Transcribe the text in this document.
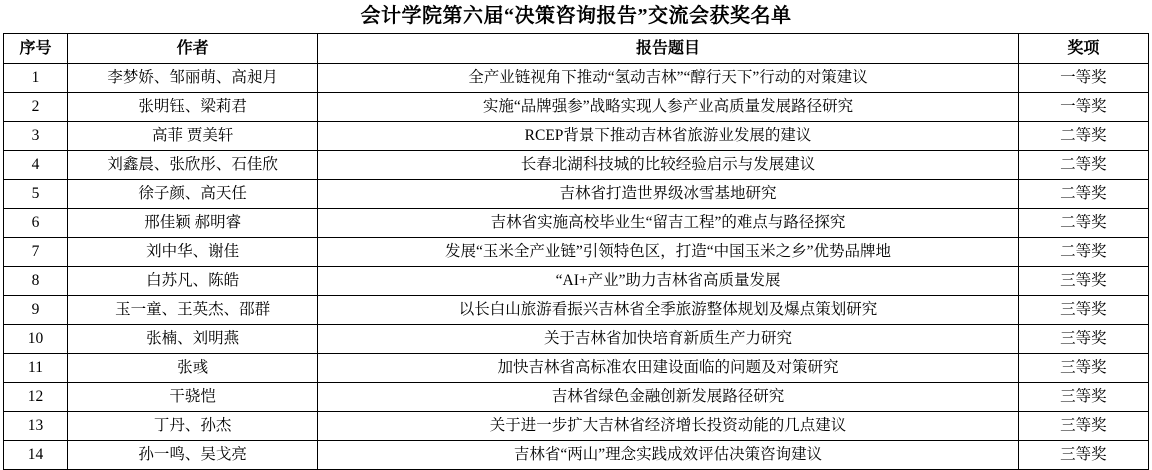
会计学院第六届“决策咨询报告”交流会获奖名单
序号	作者	报告题目	奖项
1	李梦娇、邹丽萌、高昶月	全产业链视角下推动“氢动吉林”“醇行天下”行动的对策建议	一等奖
2	张明钰、梁莉君	实施“品牌强参”战略实现人参产业高质量发展路径研究	一等奖
3	高菲 贾美轩	RCEP背景下推动吉林省旅游业发展的建议	二等奖
4	刘鑫晨、张欣彤、石佳欣	长春北湖科技城的比较经验启示与发展建议	二等奖
5	徐子颜、高天任	吉林省打造世界级冰雪基地研究	二等奖
6	邢佳颖 郝明睿	吉林省实施高校毕业生“留吉工程”的难点与路径探究	二等奖
7	刘中华、谢佳	发展“玉米全产业链”引领特色区，打造“中国玉米之乡”优势品牌地	二等奖
8	白苏凡、陈皓	“AI+产业”助力吉林省高质量发展	三等奖
9	玉一童、王英杰、邵群	以长白山旅游看振兴吉林省全季旅游整体规划及爆点策划研究	三等奖
10	张楠、刘明燕	关于吉林省加快培育新质生产力研究	三等奖
11	张彧	加快吉林省高标准农田建设面临的问题及对策研究	三等奖
12	干骁恺	吉林省绿色金融创新发展路径研究	三等奖
13	丁丹、孙杰	关于进一步扩大吉林省经济增长投资动能的几点建议	三等奖
14	孙一鸣、吴戈亮	吉林省“两山”理念实践成效评估决策咨询建议	三等奖
